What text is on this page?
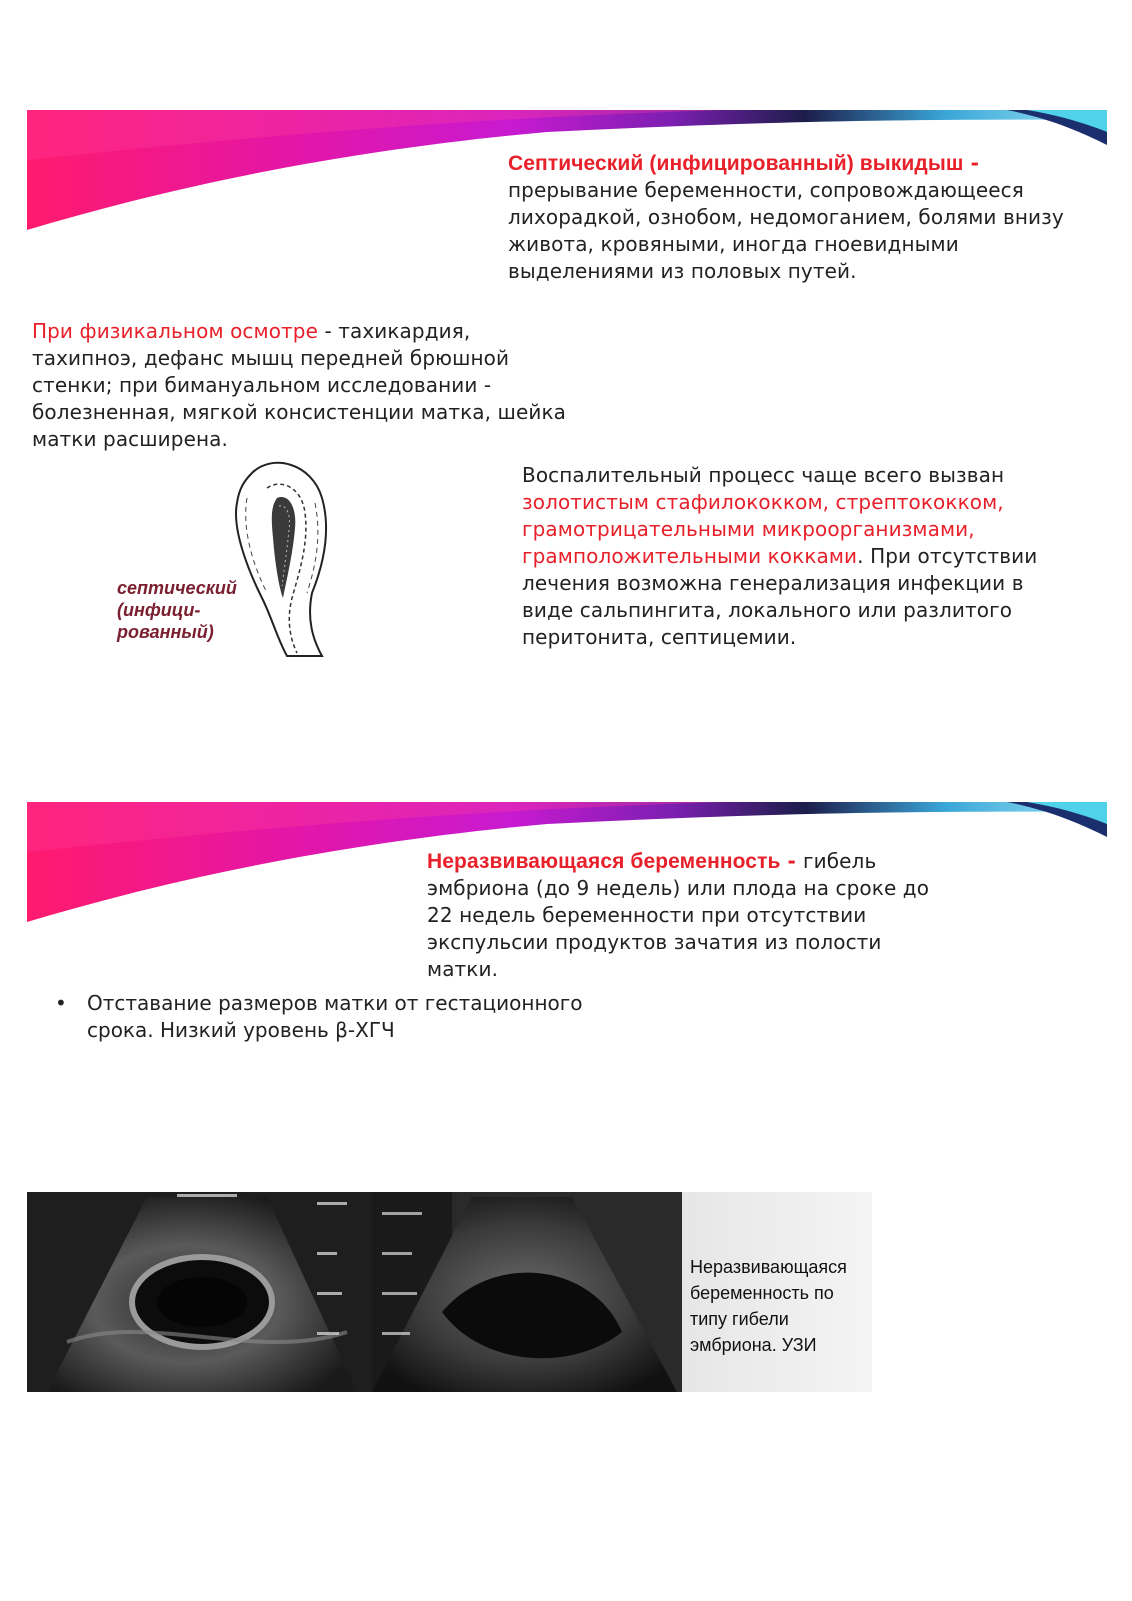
Септический (инфицированный) выкидыш -
прерывание беременности, сопровождающееся лихорадкой, ознобом, недомоганием, болями внизу живота, кровяными, иногда гноевидными выделениями из половых путей.
При физикальном осмотре - тахикардия, тахипноэ, дефанс мышц передней брюшной стенки; при бимануальном исследовании - болезненная, мягкой консистенции матка, шейка матки расширена.
септический (инфици-рованный)
Воспалительный процесс чаще всего вызван золотистым стафилококком, стрептококком, грамотрицательными микроорганизмами, грамположительными кокками. При отсутствии лечения возможна генерализация инфекции в виде сальпингита, локального или разлитого перитонита, септицемии.
Неразвивающаяся беременность - гибель эмбриона (до 9 недель) или плода на сроке до 22 недель беременности при отсутствии экспульсии продуктов зачатия из полости матки.
• Отставание размеров матки от гестационного срока. Низкий уровень β-ХГЧ
Неразвивающаяся беременность по типу гибели эмбриона. УЗИ
